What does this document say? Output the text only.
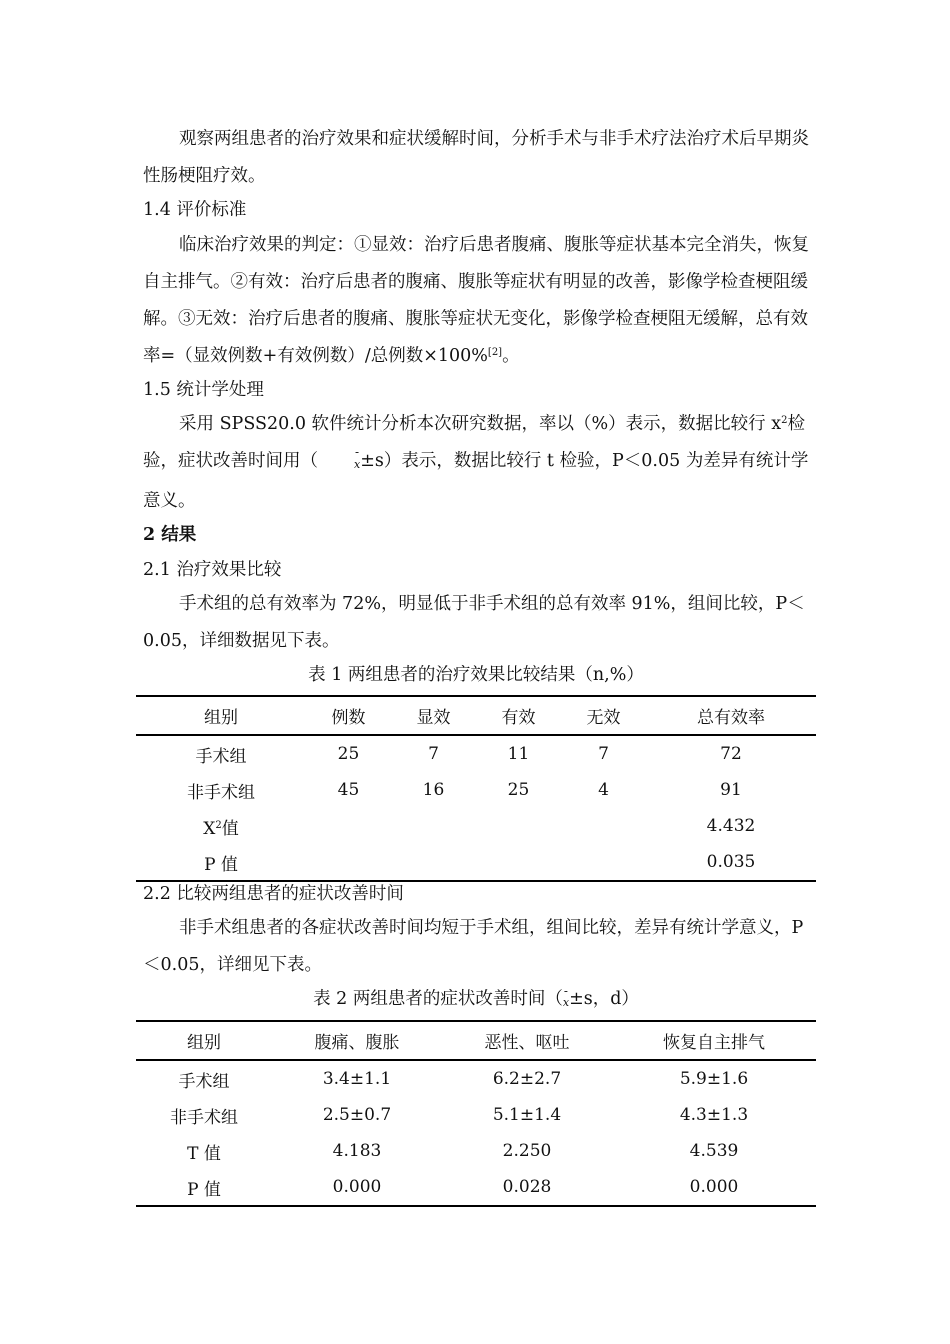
观察两组患者的治疗效果和症状缓解时间，分析手术与非手术疗法治疗术后早期炎性肠梗阻疗效。

1.4 评价标准

临床治疗效果的判定：①显效：治疗后患者腹痛、腹胀等症状基本完全消失，恢复自主排气。②有效：治疗后患者的腹痛、腹胀等症状有明显的改善，影像学检查梗阻缓解。③无效：治疗后患者的腹痛、腹胀等症状无变化，影像学检查梗阻无缓解，总有效率=（显效例数+有效例数）/总例数×100%[2]。

1.5 统计学处理

采用 SPSS20.0 软件统计分析本次研究数据，率以（%）表示，数据比较行 $x^2$检验，症状改善时间用（	- x±s）表示，数据比较行 t 检验，P＜0.05 为差异有统计学意义。

2 结果

2.1 治疗效果比较

手术组的总有效率为 72%，明显低于非手术组的总有效率 91%，组间比较，P＜0.05，详细数据见下表。

表 1 两组患者的治疗效果比较结果（n,%）
组别	例数	显效	有效	无效	总有效率
手术组	25	7	11	7	72
非手术组	45	16	25	4	91
$X^2$值					4.432
P 值					0.035

2.2 比较两组患者的症状改善时间

非手术组患者的各症状改善时间均短于手术组，组间比较，差异有统计学意义，P＜0.05，详细见下表。

表 2 两组患者的症状改善时间（- x±s，d）
组别	腹痛、腹胀	恶性、呕吐	恢复自主排气
手术组	3.4±1.1	6.2±2.7	5.9±1.6
非手术组	2.5±0.7	5.1±1.4	4.3±1.3
T 值	4.183	2.250	4.539
P 值	0.000	0.028	0.000
